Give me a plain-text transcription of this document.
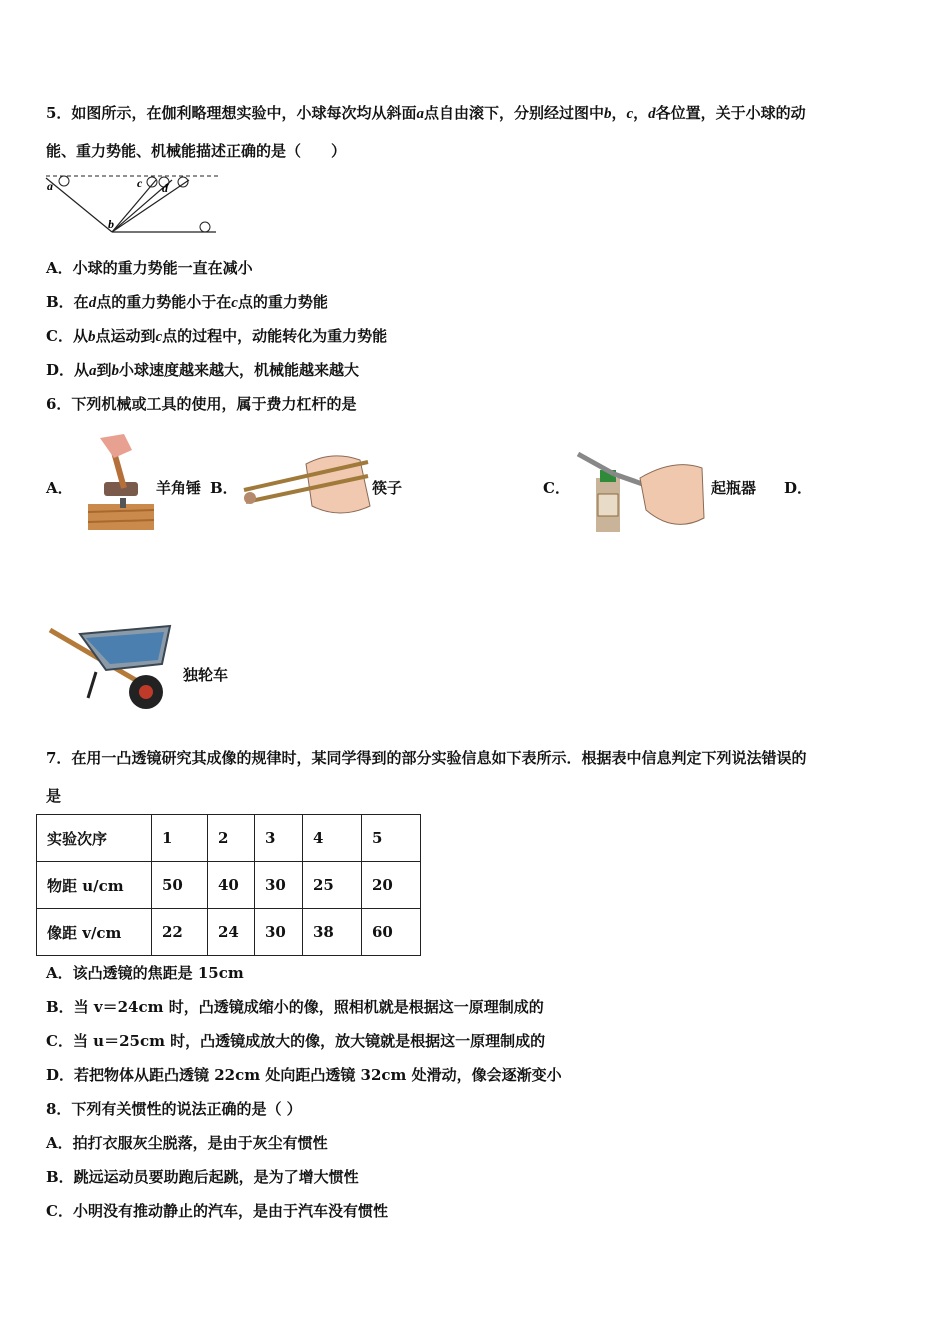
5．如图所示，在伽利略理想实验中，小球每次均从斜面a点自由滚下，分别经过图中b，c，d各位置，关于小球的动
能、重力势能、机械能描述正确的是（　　）
a
b
c d
A．小球的重力势能一直在减小
B．在d点的重力势能小于在c点的重力势能
C．从b点运动到c点的过程中，动能转化为重力势能
D．从a到b小球速度越来越大，机械能越来越大
6．下列机械或工具的使用，属于费力杠杆的是
A．	羊角锤 B．	筷子	C．	起瓶器 D．
独轮车
7．在用一凸透镜研究其成像的规律时，某同学得到的部分实验信息如下表所示．根据表中信息判定下列说法错误的
是
实验次序	1	2	3	4	5
物距 u/cm	50	40	30	25	20
像距 v/cm	22	24	30	38	60
A．该凸透镜的焦距是 15cm
B．当 v＝24cm 时，凸透镜成缩小的像，照相机就是根据这一原理制成的
C．当 u＝25cm 时，凸透镜成放大的像，放大镜就是根据这一原理制成的
D．若把物体从距凸透镜 22cm 处向距凸透镜 32cm 处滑动，像会逐渐变小
8．下列有关惯性的说法正确的是（ ）
A．拍打衣服灰尘脱落，是由于灰尘有惯性
B．跳远运动员要助跑后起跳，是为了增大惯性
C．小明没有推动静止的汽车，是由于汽车没有惯性
